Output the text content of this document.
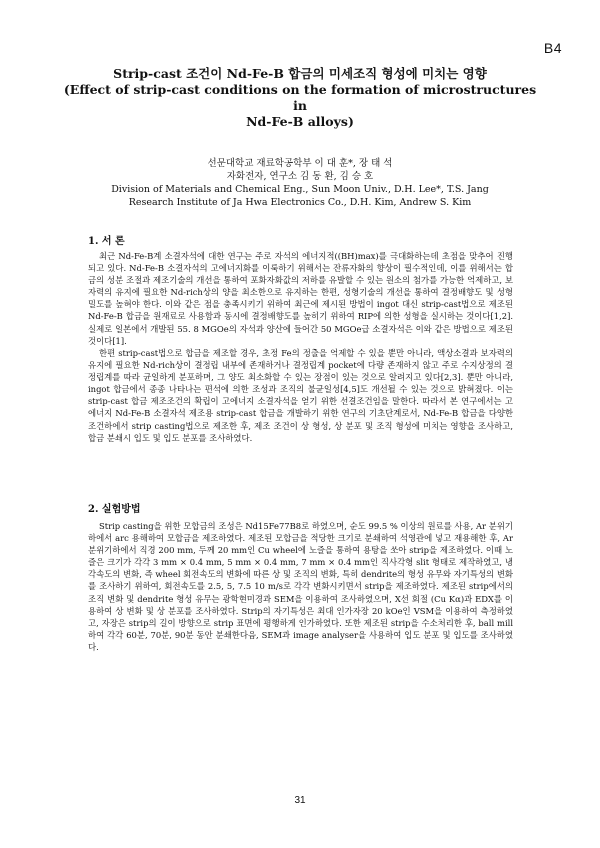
B4
Strip-cast 조건이 Nd-Fe-B 합금의 미세조직 형성에 미치는 영향
(Effect of strip-cast conditions on the formation of microstructures in
Nd-Fe-B alloys)
선문대학교 재료학공학부 이 대 훈*, 장 태 석
자화전자, 연구소 김 동 환, 김 승 호
Division of Materials and Chemical Eng., Sun Moon Univ., D.H. Lee*, T.S. Jang
Research Institute of Ja Hwa Electronics Co., D.H. Kim, Andrew S. Kim
1. 서 론

최근 Nd-Fe-B계 소결자석에 대한 연구는 주로 자석의 에너지적((BH)max)를 극대화하는데 초점을 맞추어 진행되고 있다. Nd-Fe-B 소결자석의 고에너지화를 이룩하기 위해서는 잔류자화의 향상이 필수적인데, 이를 위해서는 합금의 성분 조절과 제조기술의 개선을 통하여 포화자화값의 저하를 유발할 수 있는 원소의 첨가를 가능한 억제하고, 보자력의 유지에 필요한 Nd-rich상의 양을 최소한으로 유지하는 한편, 성형기술의 개선을 통하여 결정배향도 및 성형밀도를 높혀야 한다. 이와 같은 점을 충족시키기 위하여 최근에 제시된 방법이 ingot 대신 strip-cast법으로 제조된 Nd-Fe-B 합금을 원재료로 사용함과 동시에 결정배향도를 높히기 위하여 RIP에 의한 성형을 실시하는 것이다[1,2]. 실제로 일본에서 개발된 55. 8 MGOe의 자석과 양산에 들어간 50 MGOe급 소결자석은 이와 같은 방법으로 제조된 것이다[1].

한편 strip-cast법으로 합금을 제조할 경우, 초정 Fe의 정출을 억제할 수 있을 뿐만 아니라, 액상소결과 보자력의 유지에 필요한 Nd-rich상이 결정립 내부에 존재하거나 결정립계 pocket에 다량 존재하지 않고 주로 수지상정의 결정립계를 따라 균일하게 분포하며, 그 양도 최소화할 수 있는 장점이 있는 것으로 알려지고 있다[2,3]. 뿐만 아니라, ingot 합금에서 종종 나타나는 편석에 의한 조성과 조직의 불균일성[4,5]도 개선될 수 있는 것으로 밝혀졌다. 이는 strip-cast 합금 제조조건의 확립이 고에너지 소결자석을 얻기 위한 선결조건임을 말한다. 따라서 본 연구에서는 고에너지 Nd-Fe-B 소결자석 제조용 strip-cast 합금을 개발하기 위한 연구의 기초단계로서, Nd-Fe-B 합금을 다양한 조건하에서 strip casting법으로 제조한 후, 제조 조건이 상 형성, 상 분포 및 조직 형성에 미치는 영향을 조사하고, 합금 분쇄시 입도 및 입도 분포를 조사하였다.

2. 실험방법

Strip casting을 위한 모합금의 조성은 Nd15Fe77B8로 하였으며, 순도 99.5 % 이상의 원료를 사용, Ar 분위기하에서 arc 용해하여 모합금을 제조하였다. 제조된 모합금을 적당한 크기로 분쇄하여 석영관에 넣고 재용해한 후, Ar 분위기하에서 직경 200 mm, 두께 20 mm인 Cu wheel에 노즐을 통하여 용탕을 쏘아 strip을 제조하였다. 이때 노즐은 크기가 각각 3 mm × 0.4 mm, 5 mm × 0.4 mm, 7 mm × 0.4 mm인 직사각형 slit 형태로 제작하였고, 냉각속도의 변화, 즉 wheel 회전속도의 변화에 따른 상 및 조직의 변화, 특히 dendrite의 형성 유무와 자기특성의 변화를 조사하기 위하여, 회전속도를 2.5, 5, 7.5 10 m/s로 각각 변화시키면서 strip을 제조하였다. 제조된 strip에서의 조직 변화 및 dendrite 형성 유무는 광학현미경과 SEM을 이용하여 조사하였으며, X선 회절 (Cu Kα)과 EDX를 이용하여 상 변화 및 상 분포를 조사하였다. Strip의 자기특성은 최대 인가자장 20 kOe인 VSM을 이용하여 측정하였고, 자장은 strip의 길이 방향으로 strip 표면에 평행하게 인가하였다. 또한 제조된 strip을 수소처리한 후, ball mill하여 각각 60분, 70분, 90분 동안 분쇄한다음, SEM과 image analyser을 사용하여 입도 분포 및 입도를 조사하였다.

31
